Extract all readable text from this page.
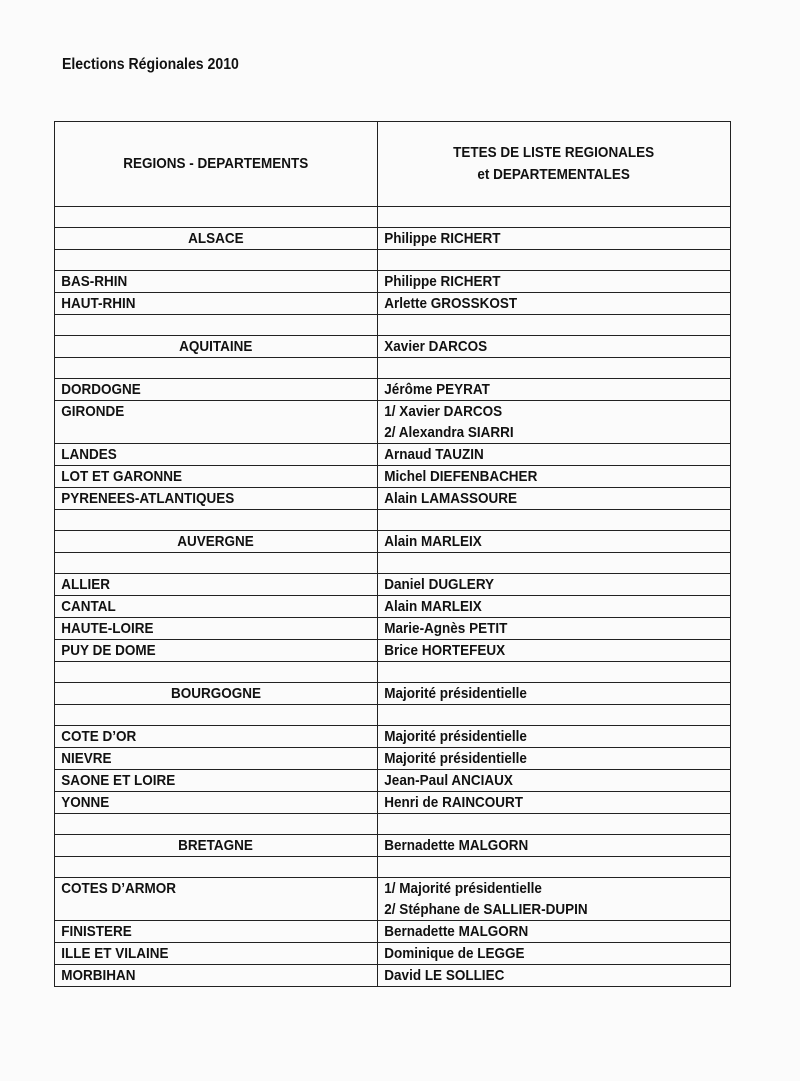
Elections Régionales 2010
REGIONS - DEPARTEMENTS	TETES DE LISTE REGIONALES
et DEPARTEMENTALES

ALSACE	Philippe RICHERT

BAS-RHIN	Philippe RICHERT

HAUT-RHIN	Arlette GROSSKOST

AQUITAINE	Xavier DARCOS

DORDOGNE	Jérôme PEYRAT

GIRONDE	1/ Xavier DARCOS
2/ Alexandra SIARRI

LANDES	Arnaud TAUZIN

LOT ET GARONNE	Michel DIEFENBACHER

PYRENEES-ATLANTIQUES	Alain LAMASSOURE

AUVERGNE	Alain MARLEIX

ALLIER	Daniel DUGLERY

CANTAL	Alain MARLEIX

HAUTE-LOIRE	Marie-Agnès PETIT

PUY DE DOME	Brice HORTEFEUX

BOURGOGNE	Majorité présidentielle

COTE D’OR	Majorité présidentielle

NIEVRE	Majorité présidentielle

SAONE ET LOIRE	Jean-Paul ANCIAUX

YONNE	Henri de RAINCOURT

BRETAGNE	Bernadette MALGORN

COTES D’ARMOR	1/ Majorité présidentielle
2/ Stéphane de SALLIER-DUPIN

FINISTERE	Bernadette MALGORN

ILLE ET VILAINE	Dominique de LEGGE

MORBIHAN	David LE SOLLIEC
